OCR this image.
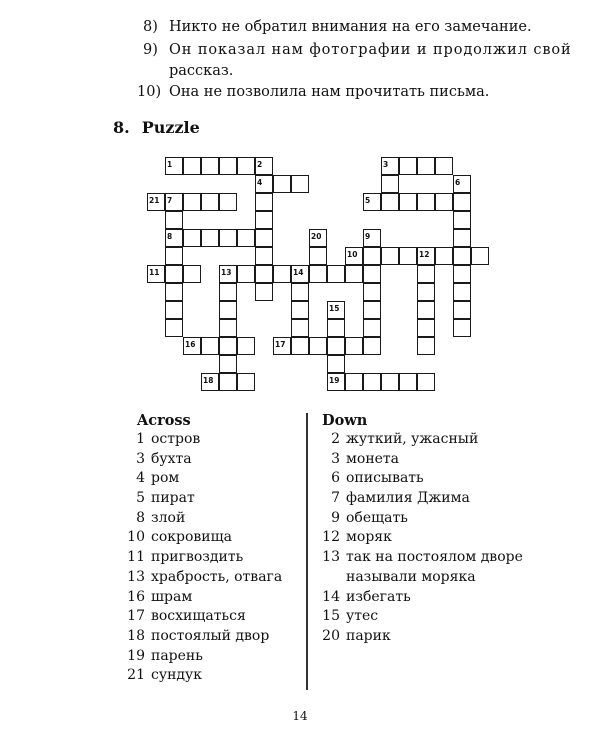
8) Никто не обратил внимания на его замечание.
9) Он показал нам фотографии и продолжил свой
рассказ.
10) Она не позволила нам прочитать письма.
8. Puzzle
1	2	3
4
5
6
7
8	9
10
11
12
13	14
15
16	17
18	19
20
21
Across
1 остров
3 бухта
4 ром
5 пират
8 злой
10 сокровища
11 пригвоздить
13 храбрость, отвага
16 шрам
17 восхищаться
18 постоялый двор
19 парень
21 сундук
Down
2 жуткий, ужасный
3 монета
6 описывать
7 фамилия Джима
9 обещать
12 моряк
13 так на постоялом дворе
называли моряка
14 избегать
15 утес
20 парик
14
